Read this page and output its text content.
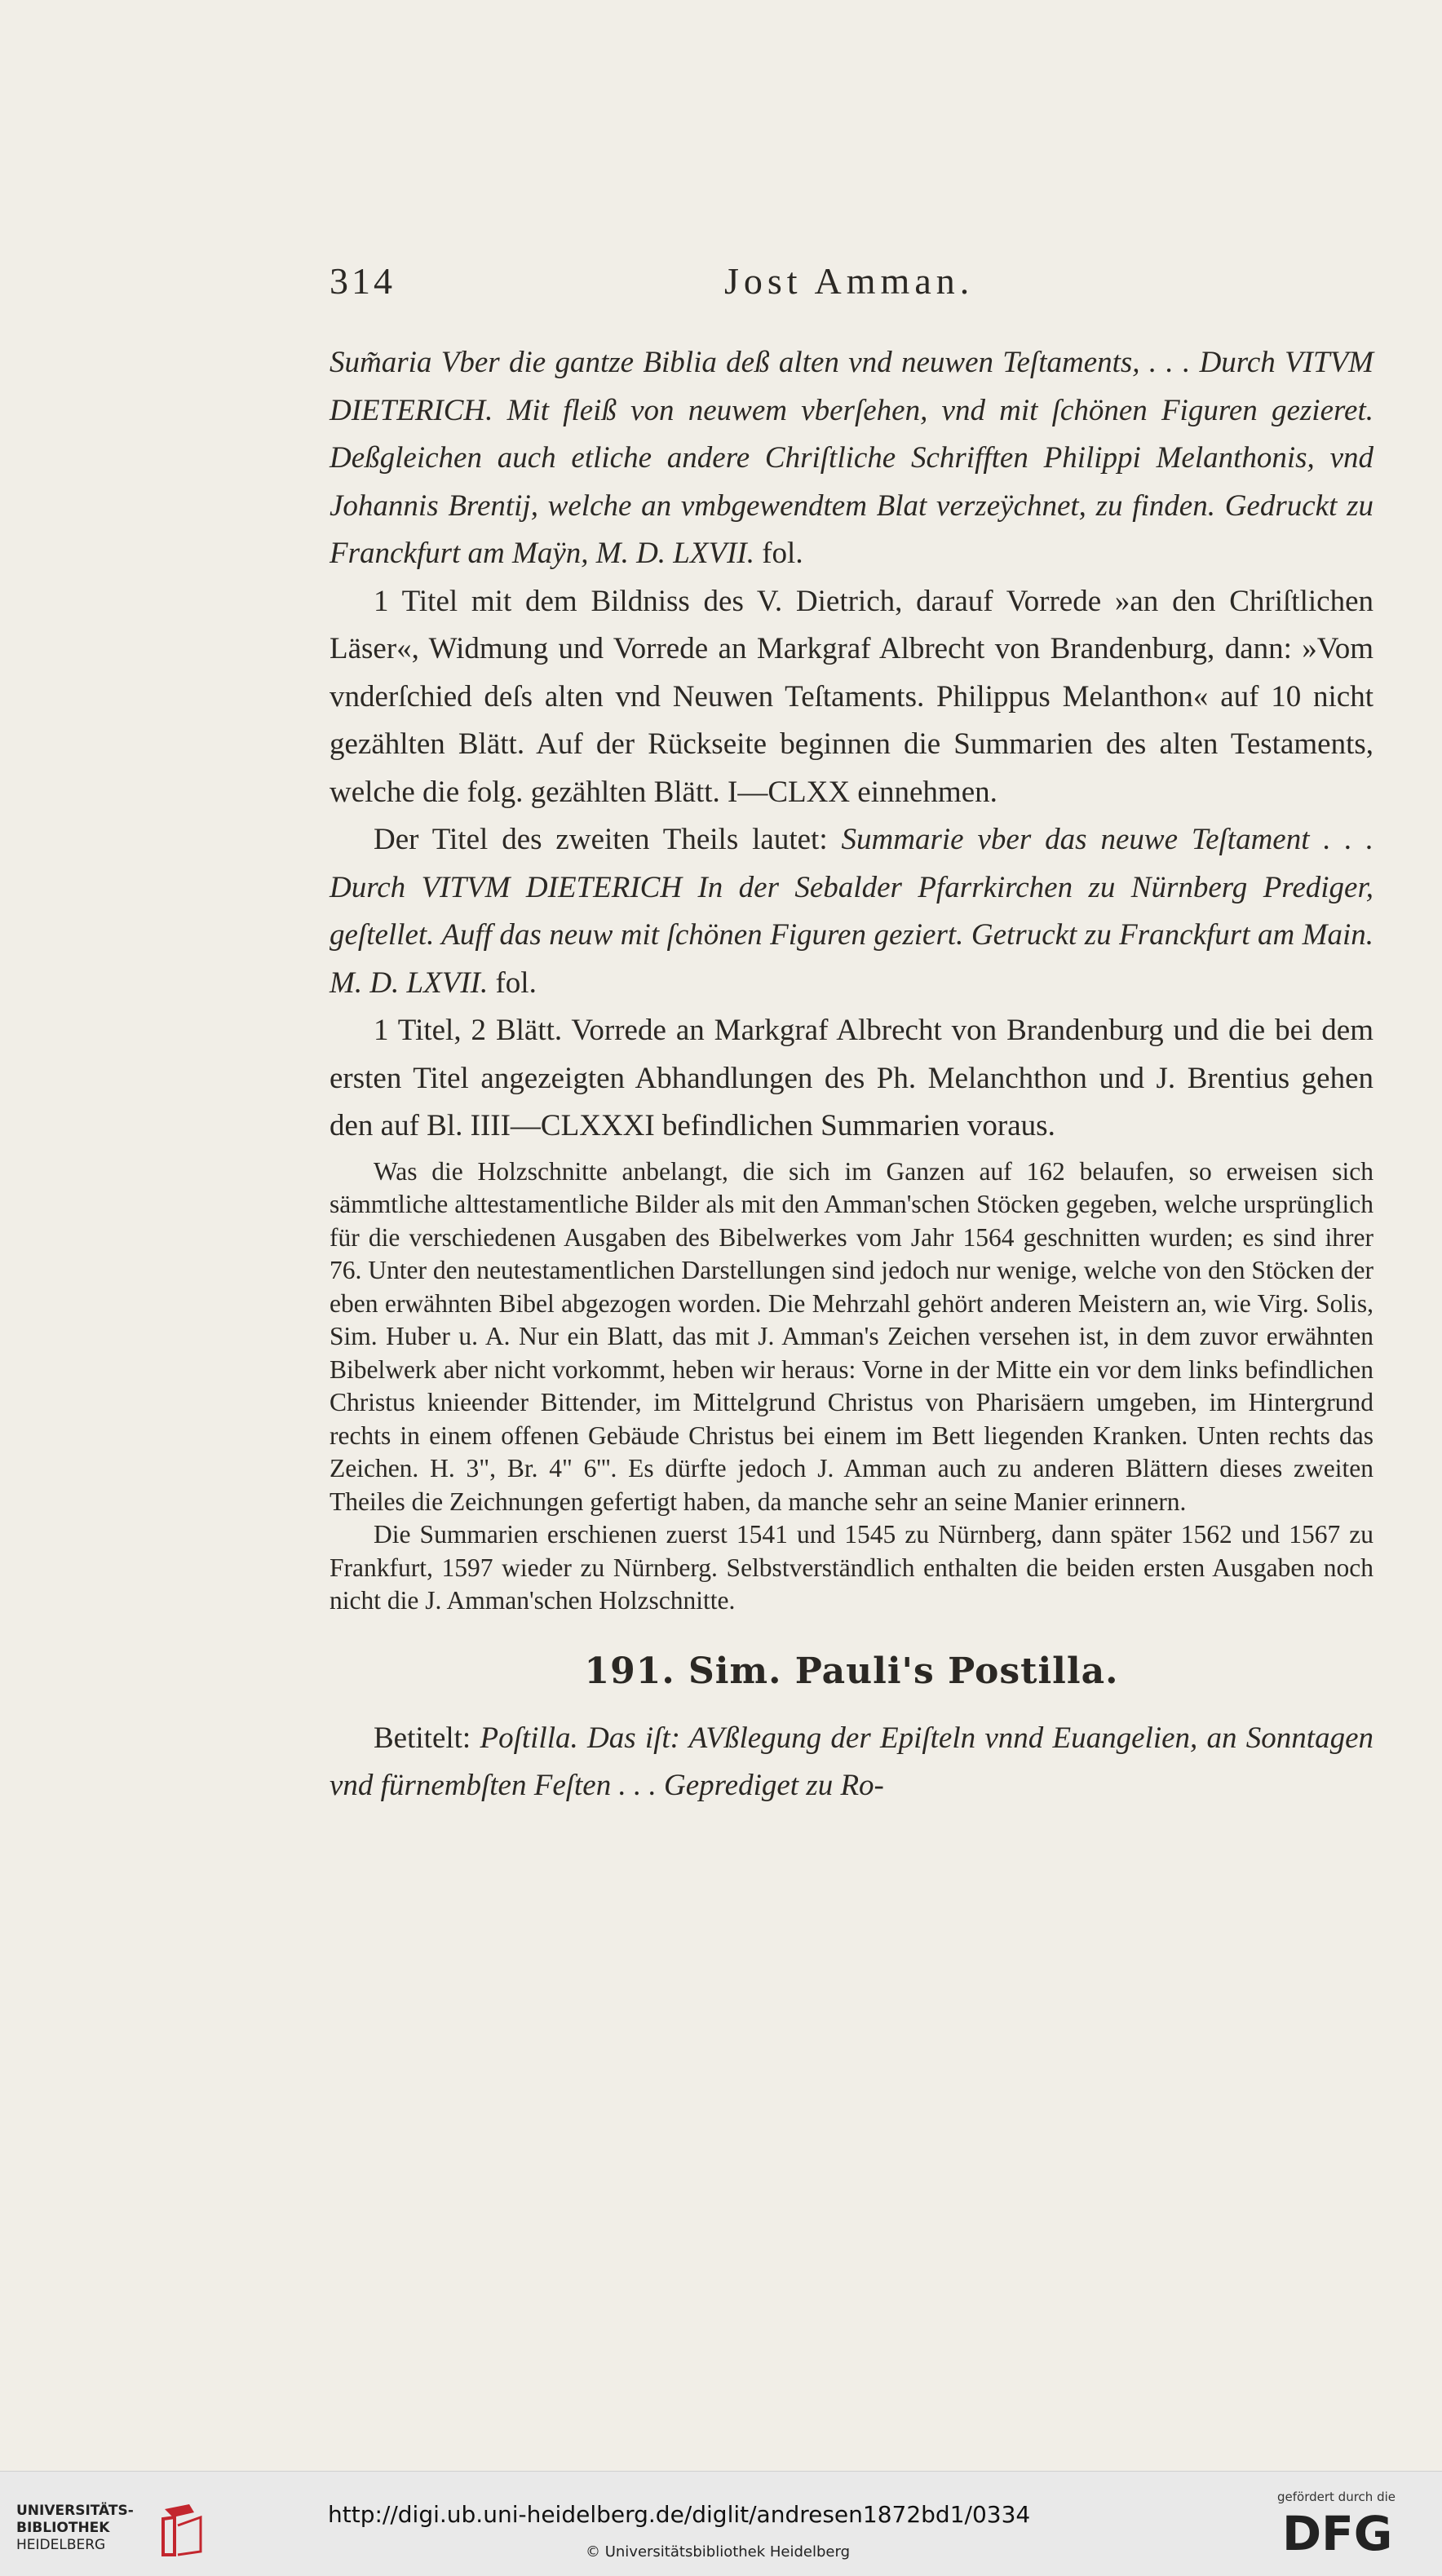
314	Jost Amman.

Sum̃aria Vber die gantze Biblia deß alten vnd neuwen Teſtaments, . . . Durch VITVM DIETERICH. Mit fleiß von neuwem vberſehen, vnd mit ſchönen Figuren gezieret. Deßgleichen auch etliche andere Chriſtliche Schrifften Philippi Melanthonis, vnd Johannis Brentij, welche an vmbgewendtem Blat verzeÿchnet, zu finden. Gedruckt zu Franckfurt am Maÿn, M. D. LXVII. fol.

1 Titel mit dem Bildniss des V. Dietrich, darauf Vorrede »an den Chriſtlichen Läser«, Widmung und Vorrede an Markgraf Albrecht von Brandenburg, dann: »Vom vnderſchied deſs alten vnd Neuwen Teſtaments. Philippus Melanthon« auf 10 nicht gezählten Blätt. Auf der Rückseite beginnen die Summarien des alten Testaments, welche die folg. gezählten Blätt. I—CLXX einnehmen.

Der Titel des zweiten Theils lautet: Summarie vber das neuwe Teſtament . . . Durch VITVM DIETERICH In der Sebalder Pfarrkirchen zu Nürnberg Prediger, geſtellet. Auff das neuw mit ſchönen Figuren geziert. Getruckt zu Franckfurt am Main. M. D. LXVII. fol.

1 Titel, 2 Blätt. Vorrede an Markgraf Albrecht von Brandenburg und die bei dem ersten Titel angezeigten Abhandlungen des Ph. Melanchthon und J. Brentius gehen den auf Bl. IIII—CLXXXI befindlichen Summarien voraus.

Was die Holzschnitte anbelangt, die sich im Ganzen auf 162 belaufen, so erweisen sich sämmtliche alttestamentliche Bilder als mit den Amman'schen Stöcken gegeben, welche ursprünglich für die verschiedenen Ausgaben des Bibelwerkes vom Jahr 1564 geschnitten wurden; es sind ihrer 76. Unter den neutestamentlichen Darstellungen sind jedoch nur wenige, welche von den Stöcken der eben erwähnten Bibel abgezogen worden. Die Mehrzahl gehört anderen Meistern an, wie Virg. Solis, Sim. Huber u. A. Nur ein Blatt, das mit J. Amman's Zeichen versehen ist, in dem zuvor erwähnten Bibelwerk aber nicht vorkommt, heben wir heraus: Vorne in der Mitte ein vor dem links befindlichen Christus knieender Bittender, im Mittelgrund Christus von Pharisäern umgeben, im Hintergrund rechts in einem offenen Gebäude Christus bei einem im Bett liegenden Kranken. Unten rechts das Zeichen. H. 3", Br. 4" 6'''. Es dürfte jedoch J. Amman auch zu anderen Blättern dieses zweiten Theiles die Zeichnungen gefertigt haben, da manche sehr an seine Manier erinnern.

Die Summarien erschienen zuerst 1541 und 1545 zu Nürnberg, dann später 1562 und 1567 zu Frankfurt, 1597 wieder zu Nürnberg. Selbstverständlich enthalten die beiden ersten Ausgaben noch nicht die J. Amman'schen Holzschnitte.

191. Sim. Pauli's Postilla.

Betitelt: Poſtilla. Das iſt: AVßlegung der Epiſteln vnnd Euangelien, an Sonntagen vnd fürnembſten Feſten . . . Geprediget zu Ro-

UNIVERSITÄTS-
BIBLIOTHEK
HEIDELBERG
http://digi.ub.uni-heidelberg.de/diglit/andresen1872bd1/0334
© Universitätsbibliothek Heidelberg
gefördert durch die
DFG
